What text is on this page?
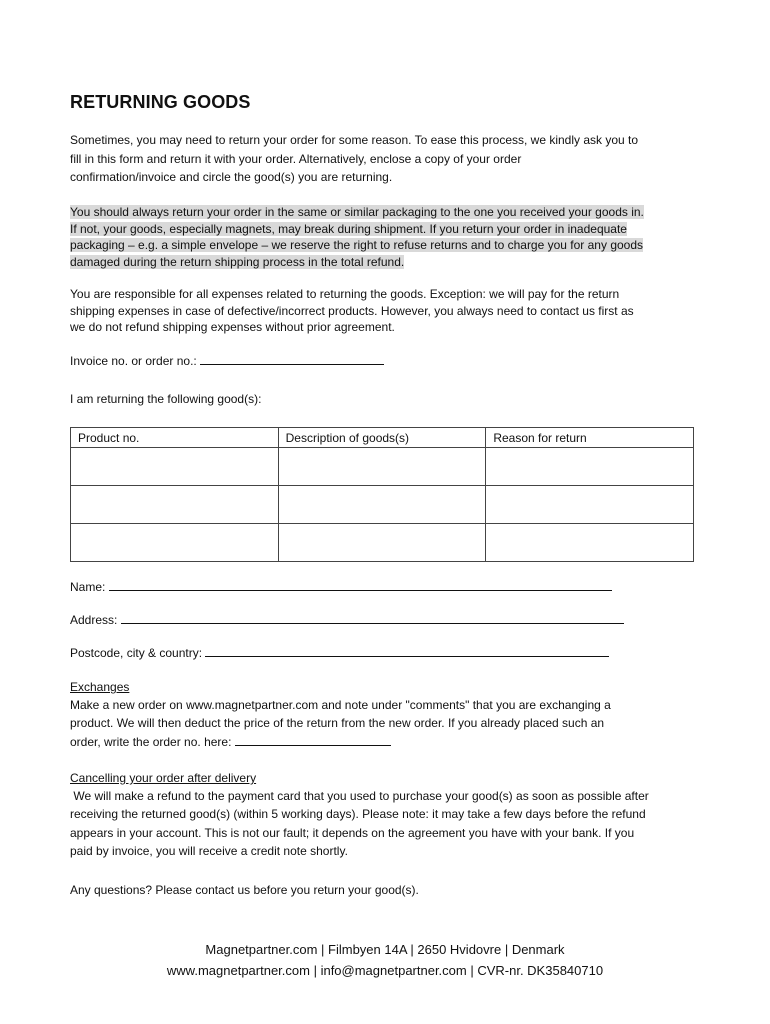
RETURNING GOODS

Sometimes, you may need to return your order for some reason. To ease this process, we kindly ask you to
fill in this form and return it with your order. Alternatively, enclose a copy of your order
confirmation/invoice and circle the good(s) you are returning.

You should always return your order in the same or similar packaging to the one you received your goods in.
If not, your goods, especially magnets, may break during shipment. If you return your order in inadequate
packaging – e.g. a simple envelope – we reserve the right to refuse returns and to charge you for any goods
damaged during the return shipping process in the total refund.

You are responsible for all expenses related to returning the goods. Exception: we will pay for the return
shipping expenses in case of defective/incorrect products. However, you always need to contact us first as
we do not refund shipping expenses without prior agreement.

Invoice no. or order no.:
I am returning the following good(s):
Product no.	Description of goods(s)	Reason for return

Name:
Address:
Postcode, city & country:
Exchanges
Make a new order on www.magnetpartner.com and note under "comments" that you are exchanging a
product. We will then deduct the price of the return from the new order. If you already placed such an
order, write the order no. here:
Cancelling your order after delivery
We will make a refund to the payment card that you used to purchase your good(s) as soon as possible after
receiving the returned good(s) (within 5 working days). Please note: it may take a few days before the refund
appears in your account. This is not our fault; it depends on the agreement you have with your bank. If you
paid by invoice, you will receive a credit note shortly.
Any questions? Please contact us before you return your good(s).
Magnetpartner.com | Filmbyen 14A | 2650 Hvidovre | Denmark
www.magnetpartner.com | info@magnetpartner.com | CVR-nr. DK35840710
